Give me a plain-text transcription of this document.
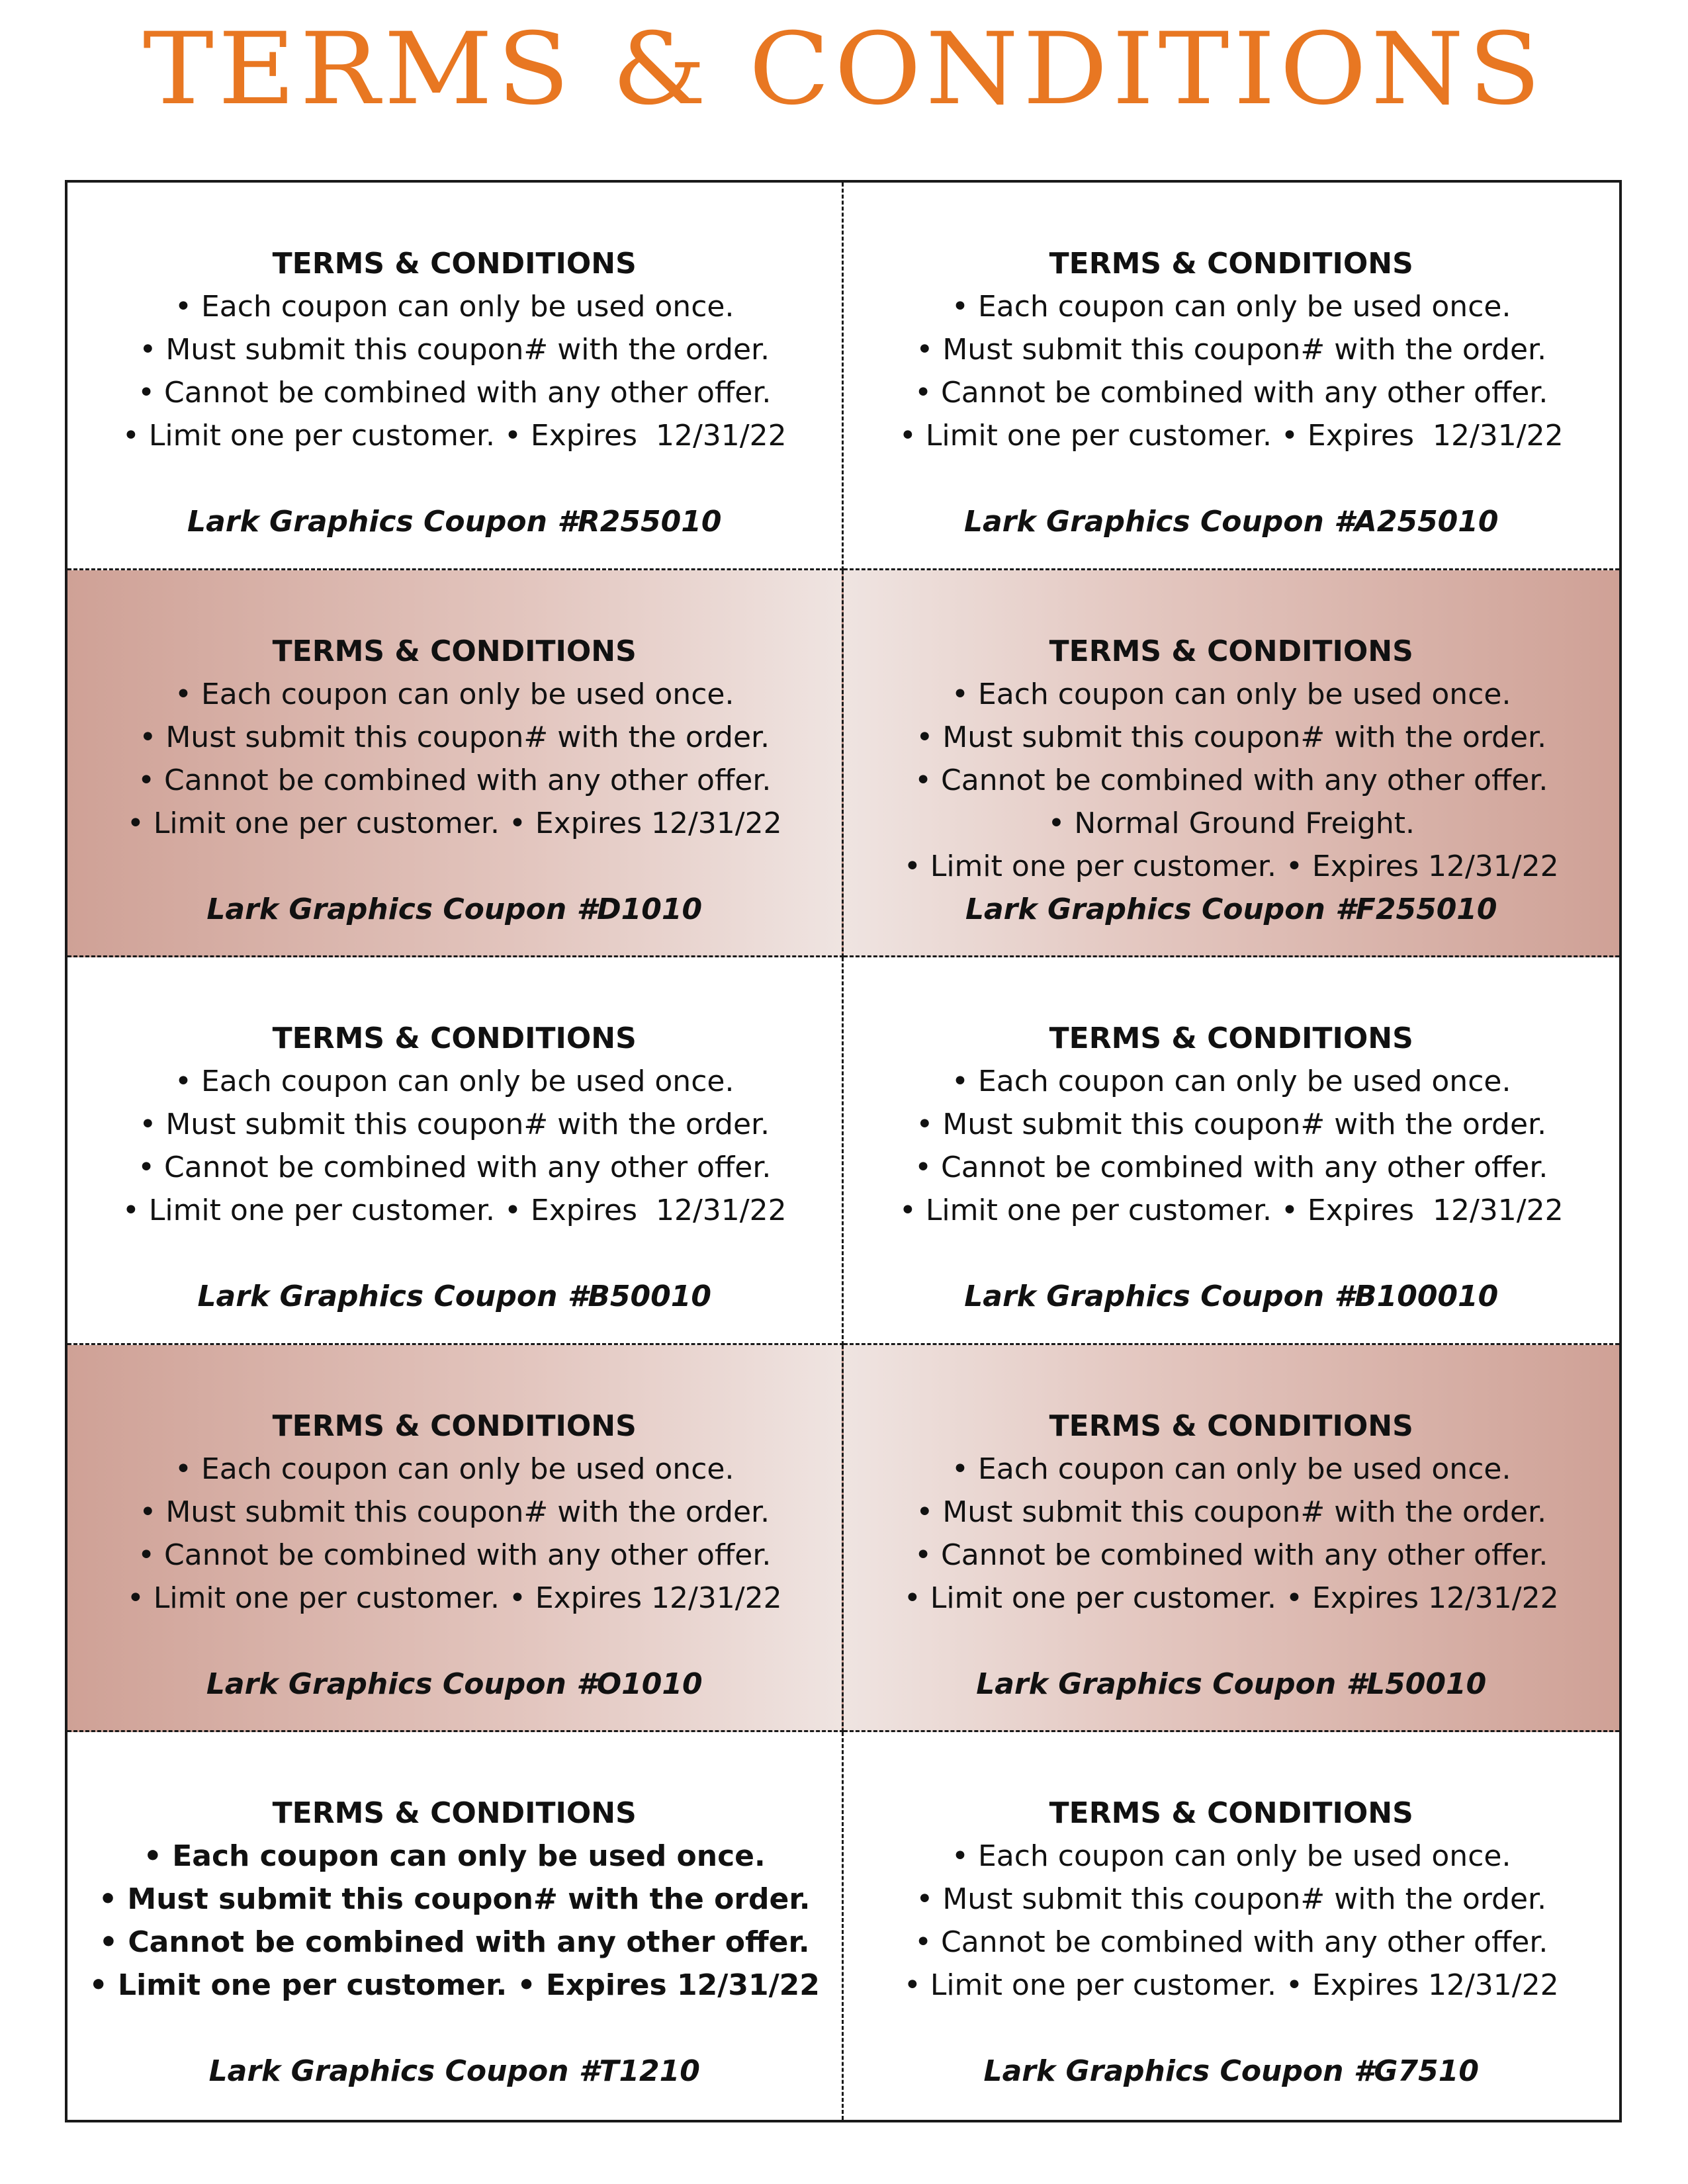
TERMS & CONDITIONS
TERMS & CONDITIONS
• Each coupon can only be used once.
• Must submit this coupon# with the order.
• Cannot be combined with any other offer.
• Limit one per customer. • Expires  12/31/22
Lark Graphics Coupon #R255010
TERMS & CONDITIONS
• Each coupon can only be used once.
• Must submit this coupon# with the order.
• Cannot be combined with any other offer.
• Limit one per customer. • Expires  12/31/22
Lark Graphics Coupon #A255010
TERMS & CONDITIONS
• Each coupon can only be used once.
• Must submit this coupon# with the order.
• Cannot be combined with any other offer.
• Limit one per customer. • Expires 12/31/22
Lark Graphics Coupon #D1010
TERMS & CONDITIONS
• Each coupon can only be used once.
• Must submit this coupon# with the order.
• Cannot be combined with any other offer.
• Normal Ground Freight.
• Limit one per customer. • Expires 12/31/22
Lark Graphics Coupon #F255010
TERMS & CONDITIONS
• Each coupon can only be used once.
• Must submit this coupon# with the order.
• Cannot be combined with any other offer.
• Limit one per customer. • Expires  12/31/22
Lark Graphics Coupon #B50010
TERMS & CONDITIONS
• Each coupon can only be used once.
• Must submit this coupon# with the order.
• Cannot be combined with any other offer.
• Limit one per customer. • Expires  12/31/22
Lark Graphics Coupon #B100010
TERMS & CONDITIONS
• Each coupon can only be used once.
• Must submit this coupon# with the order.
• Cannot be combined with any other offer.
• Limit one per customer. • Expires 12/31/22
Lark Graphics Coupon #O1010
TERMS & CONDITIONS
• Each coupon can only be used once.
• Must submit this coupon# with the order.
• Cannot be combined with any other offer.
• Limit one per customer. • Expires 12/31/22
Lark Graphics Coupon #L50010
TERMS & CONDITIONS
• Each coupon can only be used once.
• Must submit this coupon# with the order.
• Cannot be combined with any other offer.
• Limit one per customer. • Expires 12/31/22
Lark Graphics Coupon #T1210
TERMS & CONDITIONS
• Each coupon can only be used once.
• Must submit this coupon# with the order.
• Cannot be combined with any other offer.
• Limit one per customer. • Expires 12/31/22
Lark Graphics Coupon #G7510
